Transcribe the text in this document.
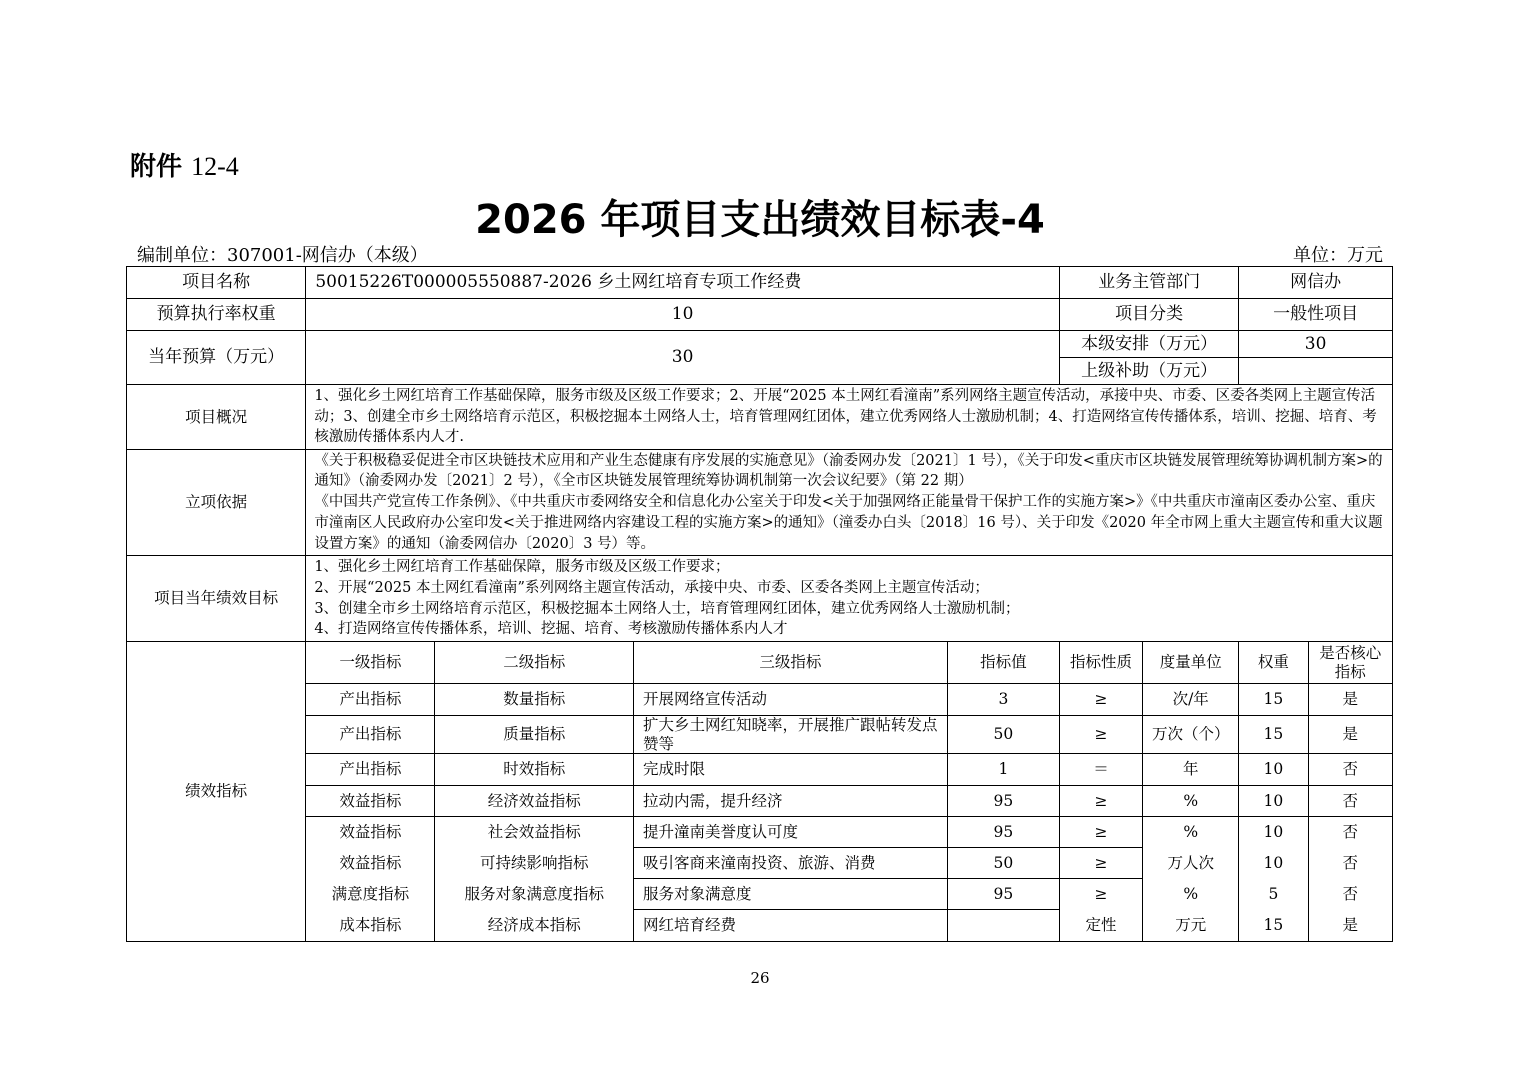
附件 12-4
2026 年项目支出绩效目标表-4
编制单位：307001-网信办（本级）	单位：万元
项目名称	50015226T000005550887-2026 乡土网红培育专项工作经费				业务主管部门		网信办	
预算执行率权重	10				项目分类		一般性项目	
当年预算（万元）	30				本级安排（万元）		30	
					上级补助（万元）			
项目概况	1、强化乡土网红培育工作基础保障，服务市级及区级工作要求；2、开展“2025 本土网红看潼南”系列网络主题宣传活动，承接中央、市委、区委各类网上主题宣传活动；3、创建全市乡土网络培育示范区，积极挖掘本土网络人士，培育管理网红团体，建立优秀网络人士激励机制；4、打造网络宣传传播体系，培训、挖掘、培育、考核激励传播体系内人才.							
立项依据	《关于积极稳妥促进全市区块链技术应用和产业生态健康有序发展的实施意见》（渝委网办发〔2021〕1 号），《关于印发<重庆市区块链发展管理统筹协调机制方案>的通知》（渝委网办发〔2021〕2 号），《全市区块链发展管理统筹协调机制第一次会议纪要》（第 22 期）

《中国共产党宣传工作条例》、《中共重庆市委网络安全和信息化办公室关于印发<关于加强网络正能量骨干保护工作的实施方案>》《中共重庆市潼南区委办公室、重庆市潼南区人民政府办公室印发<关于推进网络内容建设工程的实施方案>的通知》（潼委办白头〔2018〕16 号）、关于印发《2020 年全市网上重大主题宣传和重大议题设置方案》的通知（渝委网信办〔2020〕3 号）等。							

项目当年绩效目标	1、强化乡土网红培育工作基础保障，服务市级及区级工作要求；

2、开展“2025 本土网红看潼南”系列网络主题宣传活动，承接中央、市委、区委各类网上主题宣传活动；

3、创建全市乡土网络培育示范区，积极挖掘本土网络人士，培育管理网红团体，建立优秀网络人士激励机制；

4、打造网络宣传传播体系，培训、挖掘、培育、考核激励传播体系内人才							

绩效指标	一级指标	二级指标	三级指标	指标值	指标性质	度量单位	权重	是否核心指标
	产出指标	数量指标	开展网络宣传活动	3	≥	次/年	15	是
	产出指标	质量指标	扩大乡土网红知晓率，开展推广跟帖转发点赞等	50	≥	万次（个）	15	是
	产出指标	时效指标	完成时限	1	＝	年	10	否
	效益指标	经济效益指标	拉动内需，提升经济	95	≥	%	10	否
	效益指标	社会效益指标	提升潼南美誉度认可度	95	≥	%	10	否
	效益指标	可持续影响指标	吸引客商来潼南投资、旅游、消费	50	≥	万人次	10	否
	满意度指标	服务对象满意度指标	服务对象满意度	95	≥	%	5	否
	成本指标	经济成本指标	网红培育经费		定性	万元	15	是
26
